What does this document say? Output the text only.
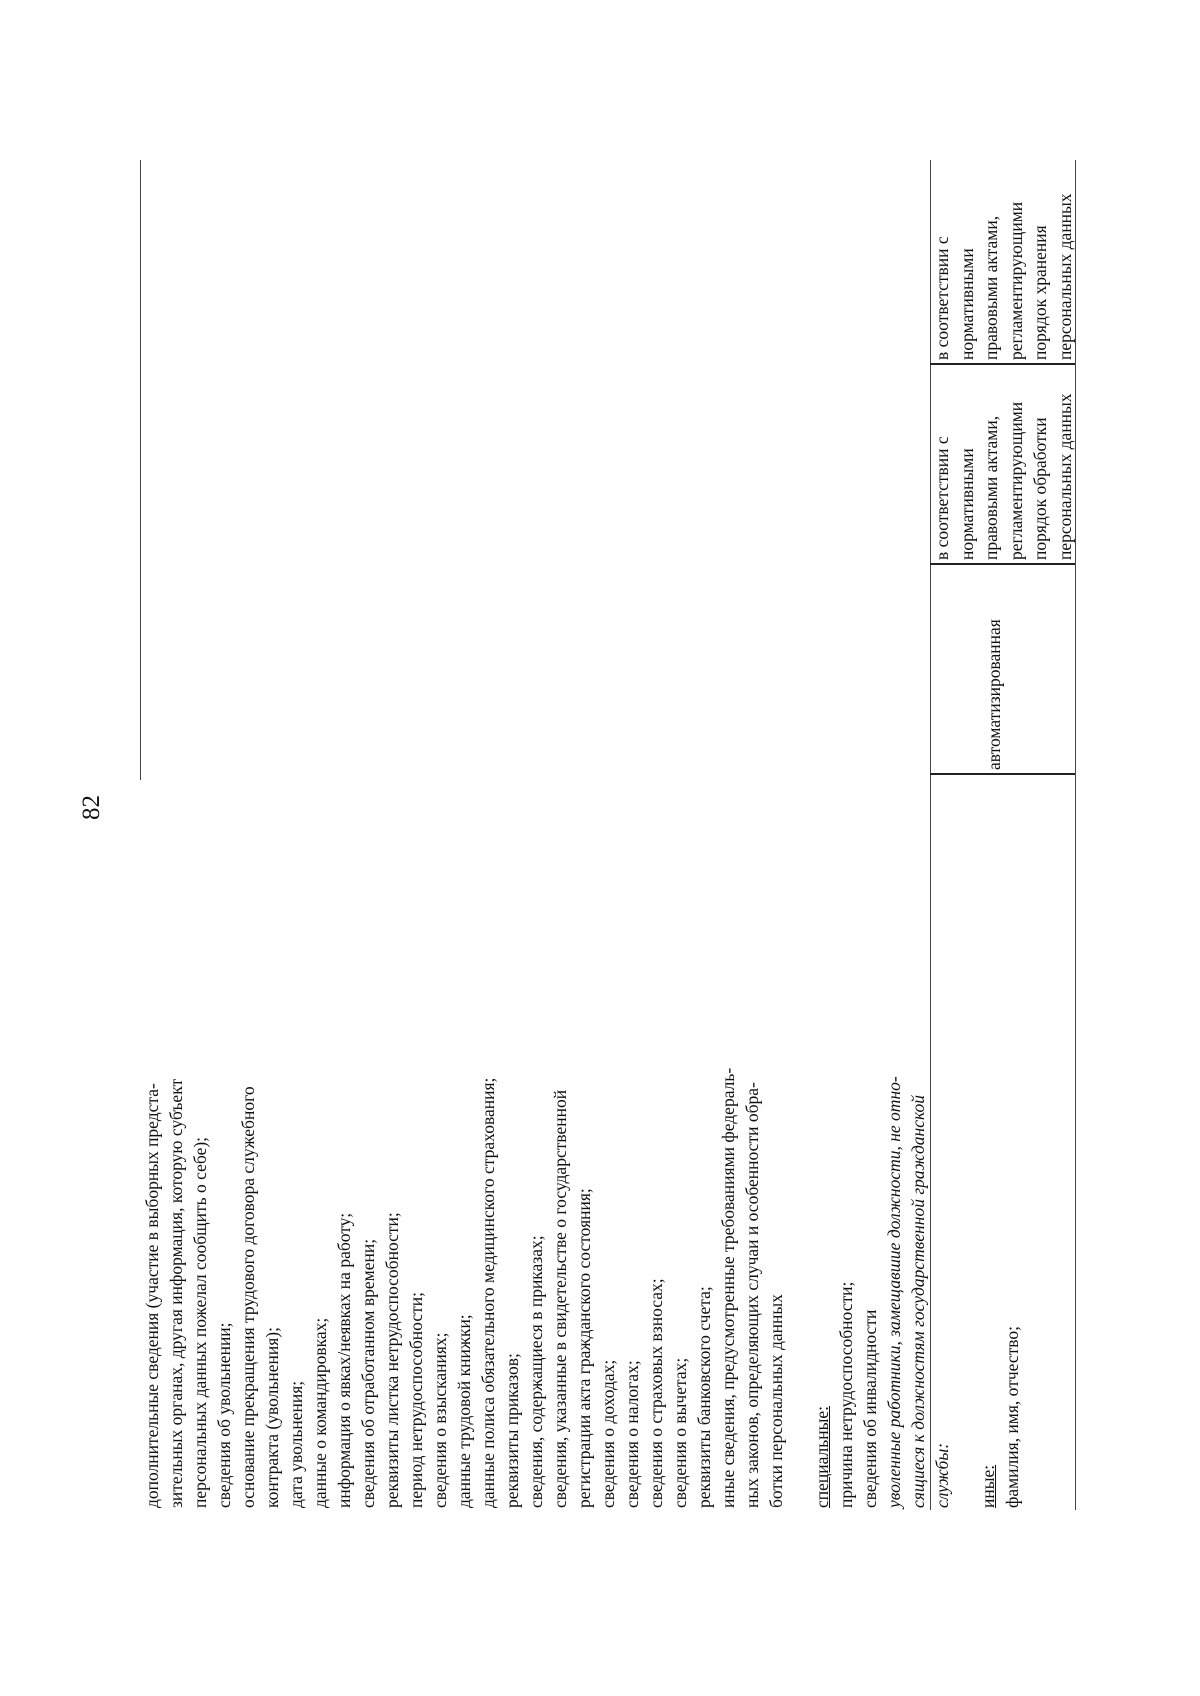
82
дополнительные сведения (участие в выборных предста- зительных органах, другая информация, которую субъект персональных данных пожелал сообщить о себе); сведения об увольнении; основание прекращения трудового договора служебного контракта (увольнения); дата увольнения; данные о командировках; информация о явках/неявках на работу; сведения об отработанном времени; реквизиты листка нетрудоспособности; период нетрудоспособности; сведения о взысканиях; данные трудовой книжки; данные полиса обязательного медицинского страхования; реквизиты приказов; сведения, содержащиеся в приказах; сведения, указанные в свидетельстве о государственной регистрации акта гражданского состояния; сведения о доходах; сведения о налогах; сведения о страховых взносах; сведения о вычетах; реквизиты банковского счета; иные сведения, предусмотренные требованиями федераль- ных законов, определяющих случаи и особенности обра- ботки персональных данных специальные: причина нетрудоспособности; сведения об инвалидности уволенные работники, замещавшие должности, не отно- сящиеся к должностям государственной гражданской службы: иные: фамилия, имя, отчество;
автоматизированная
в соответствии с нормативными правовыми актами, регламентирующими порядок обработки персональных данных
в соответствии с нормативными правовыми актами, регламентирующими порядок хранения персональных данных
